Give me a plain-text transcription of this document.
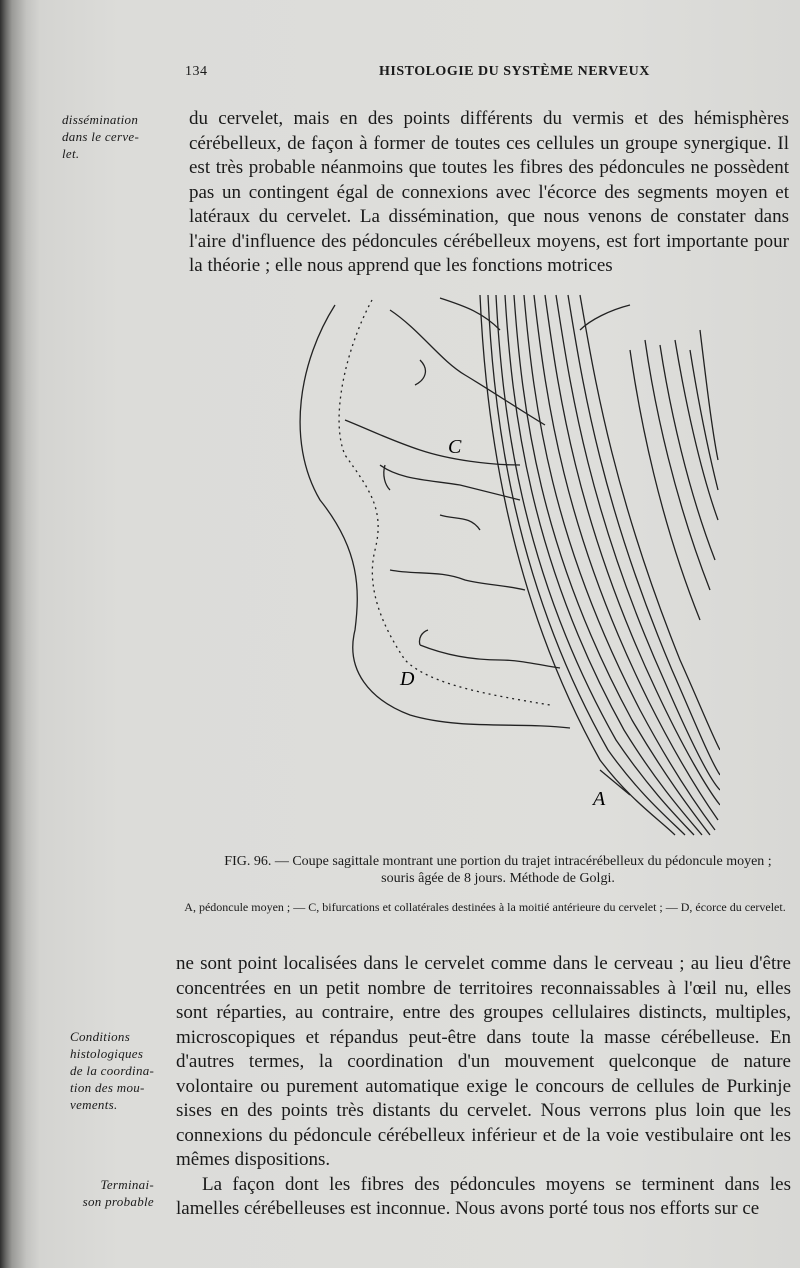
134	HISTOLOGIE DU SYSTÈME NERVEUX
dissémination
dans le cerve-
let.

du cervelet, mais en des points différents du vermis et des hémisphères cérébelleux, de façon à former de toutes ces cellules un groupe synergique. Il est très probable néanmoins que toutes les fibres des pédoncules ne possèdent pas un contingent égal de connexions avec l'écorce des segments moyen et latéraux du cervelet. La dissémination, que nous venons de constater dans l'aire d'influence des pédoncules cérébelleux moyens, est fort importante pour la théorie ; elle nous apprend que les fonctions motrices

C
D
A
FIG. 96. — Coupe sagittale montrant une portion du trajet intracérébelleux du pédoncule moyen ; souris âgée de 8 jours. Méthode de Golgi.
A, pédoncule moyen ; — C, bifurcations et collatérales destinées à la moitié antérieure du cervelet ; — D, écorce du cervelet.
Conditions
histologiques
de la coordina-
tion des mou-
vements.
Terminai-
son probable

ne sont point localisées dans le cervelet comme dans le cerveau ; au lieu d'être concentrées en un petit nombre de territoires reconnaissables à l'œil nu, elles sont réparties, au contraire, entre des groupes cellulaires distincts, multiples, microscopiques et répandus peut-être dans toute la masse cérébelleuse. En d'autres termes, la coordination d'un mouvement quelconque de nature volontaire ou purement automatique exige le concours de cellules de Purkinje sises en des points très distants du cervelet. Nous verrons plus loin que les connexions du pédoncule cérébelleux inférieur et de la voie vestibulaire ont les mêmes dispositions.

La façon dont les fibres des pédoncules moyens se terminent dans les lamelles cérébelleuses est inconnue. Nous avons porté tous nos efforts sur ce
